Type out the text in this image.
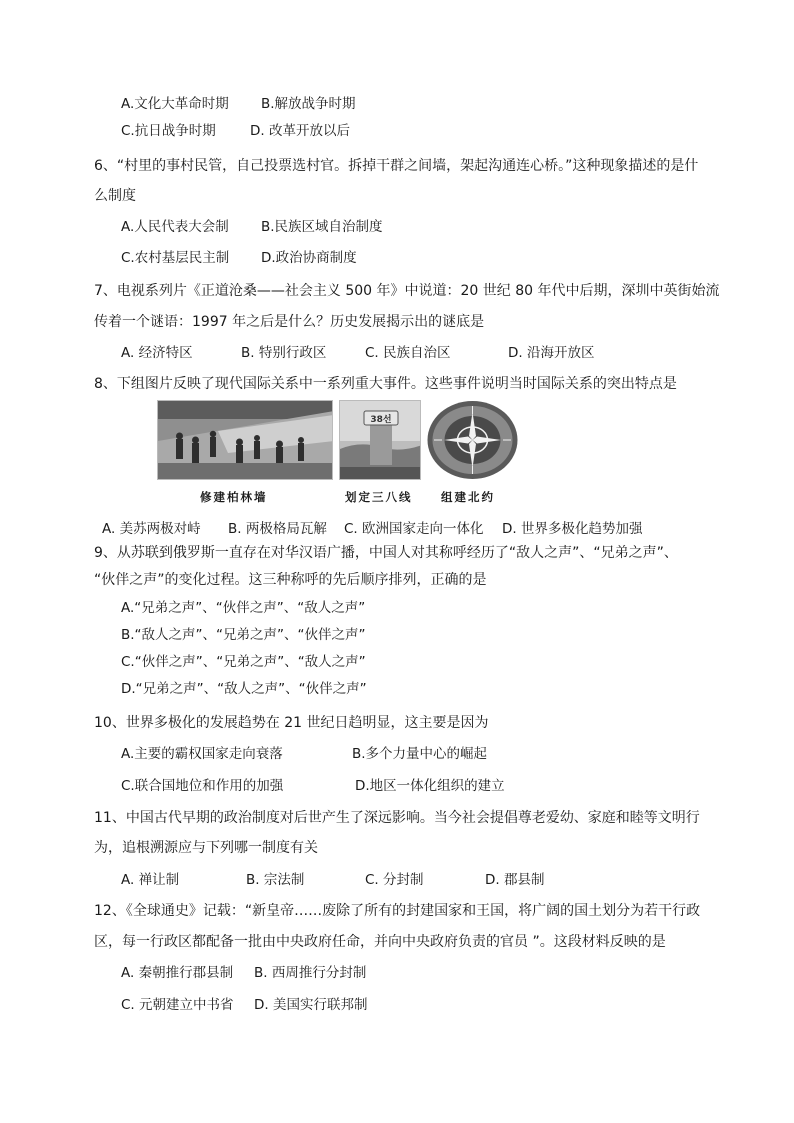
A.文化大革命时期 B.解放战争时期
C.抗日战争时期	D. 改革开放以后
6、“村里的事村民管，自己投票选村官。拆掉干群之间墙，架起沟通连心桥。”这种现象描述的是什
么制度
A.人民代表大会制 B.民族区域自治制度
C.农村基层民主制 D.政治协商制度
7、电视系列片《正道沧桑——社会主义 500 年》中说道：20 世纪 80 年代中后期，深圳中英街始流
传着一个谜语：1997 年之后是什么？历史发展揭示出的谜底是
A. 经济特区	B. 特别行政区	C. 民族自治区	D. 沿海开放区
8、下组图片反映了现代国际关系中一系列重大事件。这些事件说明当时国际关系的突出特点是
38선
修建柏林墙	划定三八线 组建北约
A. 美苏两极对峙 B. 两极格局瓦解 C. 欧洲国家走向一体化 D. 世界多极化趋势加强
9、从苏联到俄罗斯一直存在对华汉语广播，中国人对其称呼经历了“敌人之声”、“兄弟之声”、
“伙伴之声”的变化过程。这三种称呼的先后顺序排列，正确的是
A.“兄弟之声”、“伙伴之声”、“敌人之声”
B.“敌人之声”、“兄弟之声”、“伙伴之声”
C.“伙伴之声”、“兄弟之声”、“敌人之声”
D.“兄弟之声”、“敌人之声”、“伙伴之声”
10、世界多极化的发展趋势在 21 世纪日趋明显，这主要是因为
A.主要的霸权国家走向衰落	B.多个力量中心的崛起
C.联合国地位和作用的加强	D.地区一体化组织的建立
11、中国古代早期的政治制度对后世产生了深远影响。当今社会提倡尊老爱幼、家庭和睦等文明行
为，追根溯源应与下列哪一制度有关
A. 禅让制	B. 宗法制	C. 分封制	D. 郡县制
12、《全球通史》记载：“新皇帝……废除了所有的封建国家和王国，将广阔的国土划分为若干行政
区，每一行政区都配备一批由中央政府任命，并向中央政府负责的官员 ”。这段材料反映的是
A. 秦朝推行郡县制 B. 西周推行分封制
C. 元朝建立中书省 D. 美国实行联邦制
